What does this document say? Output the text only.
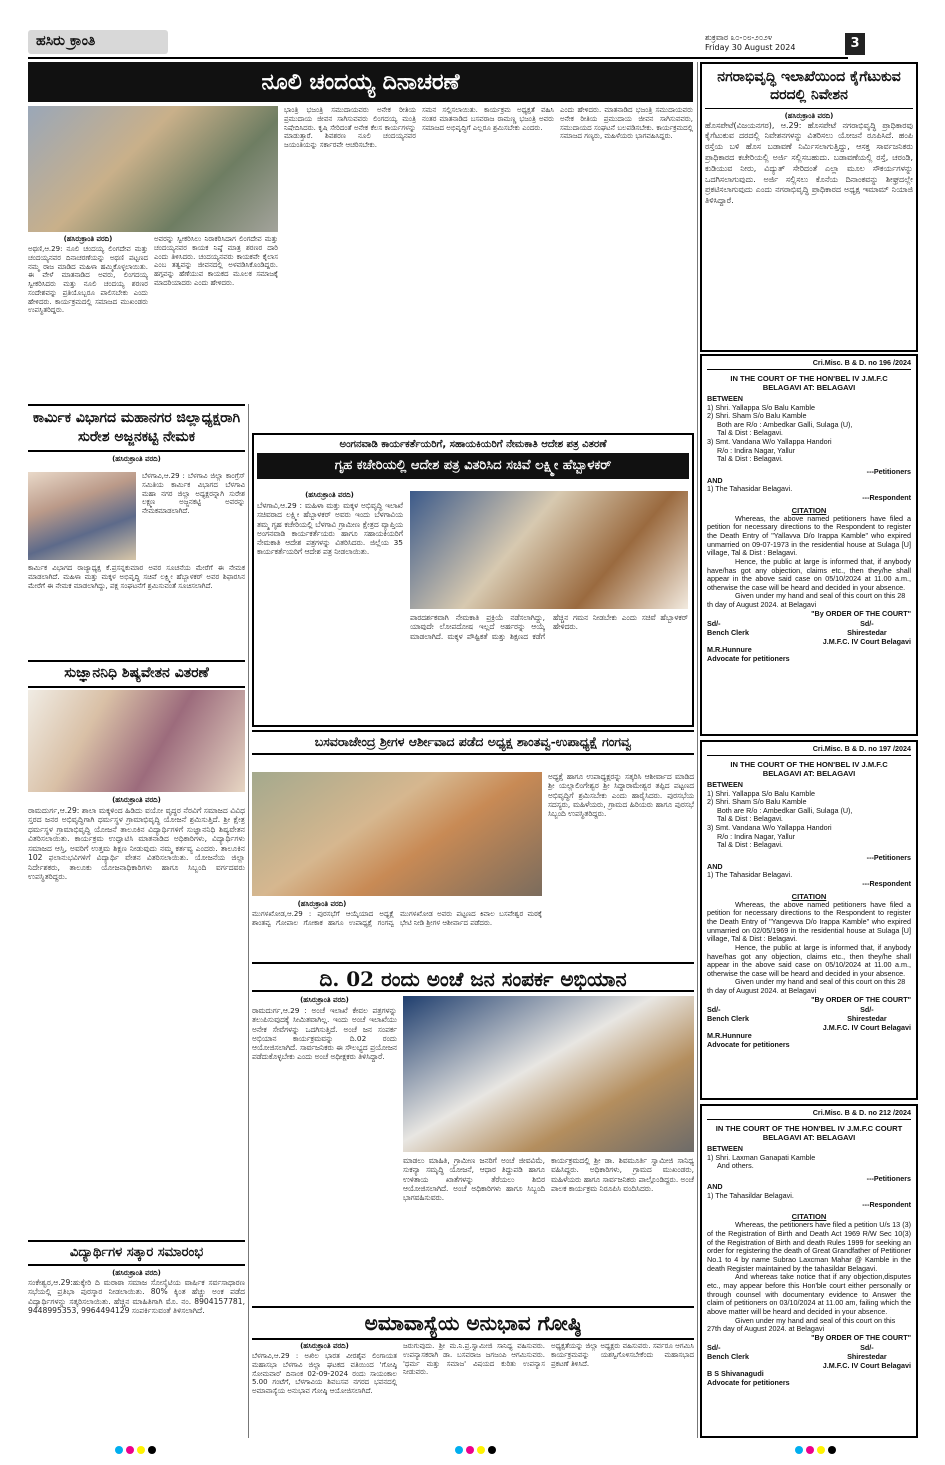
ಹಸಿರು ಕ್ರಾಂತಿ	ಶುಕ್ರವಾರ ೩೦-೦೮-೨೦೨೪
Friday 30 August 2024	3
ನೂಲಿ ಚಂದಯ್ಯ ದಿನಾಚರಣೆ
ಭಾಂತ್ರಿ ಭಜಂತ್ರಿ ಸಮುದಾಯವರು ಅನೇಕ ರೀತಿಯ ಪ್ರಮುದಾಯ ಜೀವನ ಸಾಗಿಸುವವರು ಲಿಂಗದಯ್ಯ ಮಂತ್ರಿ ನಿಷೇದಿಸಿದರು. ಕೃಷಿ ಸೇರಿದಂತೆ ಅನೇಕ ಕೆಲಸ ಕಾರ್ಯಗಳನ್ನು ಮಾಡುತ್ತಾರೆ. ಶಿವಶರಣ ನೂಲಿ ಚಂದಯ್ಯನವರ ಜಯಂತಿಯನ್ನು ಸರ್ಕಾರವೇ ಆಚರಿಸಬೇಕು.
ಸಮನ ಸಲ್ಲಿಸಲಾಯಿತು. ಕಾರ್ಯಕ್ರಮ ಅಧ್ಯಕ್ಷತೆ ವಹಿಸಿ ನಂತರ ಮಾತನಾಡಿದ ಬಸವರಾಜ ರಾಮಣ್ಣ ಭಜಂತ್ರಿ ಅವರು ಸಮಾಜದ ಅಭಿವೃದ್ಧಿಗೆ ಎಲ್ಲರೂ ಶ್ರಮಿಸಬೇಕು ಎಂದರು.
ಎಂದು ಹೇಳಿದರು. ಮಾತನಾಡಿದ ಭಜಂತ್ರಿ ಸಮುದಾಯವರು ಅನೇಕ ರೀತಿಯ ಪ್ರಮುದಾಯ ಜೀವನ ಸಾಗಿಸುವವರು, ಸಮುದಾಯದ ಸಂಘಟನೆ ಬಲಪಡಿಸಬೇಕು. ಕಾರ್ಯಕ್ರಮದಲ್ಲಿ ಸಮಾಜದ ಗಣ್ಯರು, ಮಹಿಳೆಯರು ಭಾಗವಹಿಸಿದ್ದರು.
(ಹಸಿರುಕ್ರಾಂತಿ ವರದಿ)
ಅಥಣಿ,ಆ.29: ನೂಲಿ ಚಂದಯ್ಯ ಲಿಂಗದೇವ ಮತ್ತು ಚಂದಯ್ಯನವರ ದಿನಾಚರಣೆಯನ್ನು ಅಥಣಿ ಪಟ್ಟಣದ ನಮ್ಮ ರಾಜ ಮಾಡಿದ ಮಹಿಳಾ ಹಮ್ಮಿಕೊಳ್ಳಲಾಯಿತು. ಈ ವೇಳೆ ಮಾತನಾಡಿದ ಅವರು, ಲಿಂಗದಯ್ಯ ಸ್ವೀಕರಿಸಿದರು ಮತ್ತು ನೂಲಿ ಚಂದಯ್ಯ ಶರಣರ ಸಂದೇಶವನ್ನು ಪ್ರತಿಯೊಬ್ಬರೂ ಪಾಲಿಸಬೇಕು ಎಂದು ಹೇಳಿದರು. ಕಾರ್ಯಕ್ರಮದಲ್ಲಿ ಸಮಾಜದ ಮುಖಂಡರು ಉಪಸ್ಥಿತರಿದ್ದರು.
ಅವರನ್ನು ಸ್ವೀಕರಿಸಿಲು ನಿರಾಕರಿಸಿದಾಗ ಲಿಂಗದೇವ ಮತ್ತು ಚಂದಯ್ಯನವರ ಕಾಯಕ ನಿಷ್ಠೆ ಮಾತ್ರ ಶರಣರ ದಾರಿ ಎಂದು ತಿಳಿಸಿದರು. ಚಂದಯ್ಯನವರು ಕಾಯಕವೇ ಕೈಲಾಸ ಎಂಬ ತತ್ವವನ್ನು ಜೀವನದಲ್ಲಿ ಅಳವಡಿಸಿಕೊಂಡಿದ್ದರು. ಹಗ್ಗವನ್ನು ಹೆಣೆಯುವ ಕಾಯಕದ ಮೂಲಕ ಸಮಾಜಕ್ಕೆ ಮಾದರಿಯಾದರು ಎಂದು ಹೇಳಿದರು.
ನಗರಾಭಿವೃದ್ಧಿ ಇಲಾಖೆಯಿಂದ ಕೈಗೆಟುಕುವ ದರದಲ್ಲಿ ನಿವೇಶನ
(ಹಸಿರುಕ್ರಾಂತಿ ವರದಿ)
ಹೊಸಪೇಟೆ(ವಿಜಯನಗರ), ಆ.29: ಹೊಸಪೇಟೆ ನಗರಾಭಿವೃದ್ಧಿ ಪ್ರಾಧಿಕಾರವು ಕೈಗೆಟುಕುವ ದರದಲ್ಲಿ ನಿವೇಶನಗಳನ್ನು ವಿತರಿಸಲು ಯೋಜನೆ ರೂಪಿಸಿದೆ. ಹಂಪಿ ರಸ್ತೆಯ ಬಳಿ ಹೊಸ ಬಡಾವಣೆ ನಿರ್ಮಿಸಲಾಗುತ್ತಿದ್ದು, ಆಸಕ್ತ ಸಾರ್ವಜನಿಕರು ಪ್ರಾಧಿಕಾರದ ಕಚೇರಿಯಲ್ಲಿ ಅರ್ಜಿ ಸಲ್ಲಿಸಬಹುದು. ಬಡಾವಣೆಯಲ್ಲಿ ರಸ್ತೆ, ಚರಂಡಿ, ಕುಡಿಯುವ ನೀರು, ವಿದ್ಯುತ್ ಸೇರಿದಂತೆ ಎಲ್ಲಾ ಮೂಲ ಸೌಕರ್ಯಗಳನ್ನು ಒದಗಿಸಲಾಗುವುದು. ಅರ್ಜಿ ಸಲ್ಲಿಸಲು ಕೊನೆಯ ದಿನಾಂಕವನ್ನು ಶೀಘ್ರದಲ್ಲೇ ಪ್ರಕಟಿಸಲಾಗುವುದು ಎಂದು ನಗರಾಭಿವೃದ್ಧಿ ಪ್ರಾಧಿಕಾರದ ಅಧ್ಯಕ್ಷ ಇಮಾಮ್ ನಿಯಾಜಿ ತಿಳಿಸಿದ್ದಾರೆ.
Cri.Misc. B & D. no 196 /2024
IN THE COURT OF THE HON'BEL IV J.M.F.C
BELAGAVI AT: BELAGAVI
BETWEEN
1) Shri. Yallappa S/o Balu Kamble
2) Shri. Sham S/o Balu Kamble
Both are R/o : Ambedkar Galli, Sulaga (U),
Tal & Dist : Belagavi.
3) Smt. Vandana W/o Yallappa Handori
R/o : Indira Nagar, Yallur
Tal & Dist : Belagavi.
---Petitioners
AND
1) The Tahasidar Belagavi.
---Respondent
CITATION
Whereas, the above named petitioners have filed a petition for necessary directions to the Respondent to register the Death Entry of "Yallavva D/o Irappa Kamble" who expired unmarried on 09-07-1973 in the residential house at Sulaga [U] village, Tal & Dist : Belagavi.
Hence, the public at large is informed that, if anybody have/has got any objection, claims etc., then they/he shall appear in the above said case on 05/10/2024 at 11.00 a.m., otherwise the case will be heard and decided in your absence.
Given under my hand and seal of this court on this 28 th day of August 2024. at Belagavi
"By ORDER OF THE COURT"
Sd/-
Bench Clerk
Sd/-
Shirestedar
J.M.F.C. IV Court Belagavi
M.R.Hunnure
Advocate for petitioners
Cri.Misc. B & D. no 197 /2024
IN THE COURT OF THE HON'BEL IV J.M.F.C
BELAGAVI AT: BELAGAVI
BETWEEN
1) Shri. Yallappa S/o Balu Kamble
2) Shri. Sham S/o Balu Kamble
Both are R/o : Ambedkar Galli, Sulaga (U),
Tal & Dist : Belagavi.
3) Smt. Vandana W/o Yallappa Handori
R/o : Indira Nagar, Yallur
Tal & Dist : Belagavi.
---Petitioners
AND
1) The Tahasidar Belagavi.
---Respondent
CITATION
Whereas, the above named petitioners have filed a petition for necessary directions to the Respondent to register the Death Entry of "Yangevva D/o Irappa Kamble" who expired unmarried on 02/05/1969 in the residential house at Sulaga [U] village, Tal & Dist : Belagavi.
Hence, the public at large is informed that, if anybody have/has got any objection, claims etc., then they/he shall appear in the above said case on 05/10/2024 at 11.00 a.m., otherwise the case will be heard and decided in your absence.
Given under my hand and seal of this court on this 28 th day of August 2024. at Belagavi
"By ORDER OF THE COURT"
Sd/-
Bench Clerk
Sd/-
Shirestedar
J.M.F.C. IV Court Belagavi
M.R.Hunnure
Advocate for petitioners
Cri.Misc. B & D. no 212 /2024
IN THE COURT OF THE HON'BEL IV J.M.F.C COURT
BELAGAVI AT: BELAGAVI
BETWEEN
1) Shri. Laxman Ganapati Kamble
And others.
---Petitioners
AND
1) The Tahasildar Belagavi.
---Respondent
CITATION
Whereas, the petitioners have filed a petition U/s 13 (3) of the Registration of Birth and Death Act 1969 R/W Sec 10(3) of the Registration of Birth and death Rules 1999 for seeking an order for registering the death of Great Grandfather of Petitioner No.1 to 4 by name Subrao Laxcman Mahar @ Kamble in the death Register maintained by the tahasildar Belagavi.
And whereas take notice that if any objection,disputes etc., may appear before this Hon'ble court either personally or through counsel with documentary evidence to Answer the claim of petitioners on 03/10/2024 at 11.00 am, failing which the above matter will be heard and decided in your absence.
Given under my hand and seal of this court on this 27th day of August 2024. at Belagavi
"By ORDER OF THE COURT"
Sd/-
Bench Clerk
Sd/-
Shirestedar
J.M.F.C. IV Court Belagavi
B S Shivanagudi
Advocate for petitioners
ಕಾರ್ಮಿಕ ವಿಭಾಗದ ಮಹಾನಗರ ಜಿಲ್ಲಾಧ್ಯಕ್ಷರಾಗಿ ಸುರೇಶ ಅಜ್ಜನಕಟ್ಟಿ ನೇಮಕ
(ಹಸಿರುಕ್ರಾಂತಿ ವರದಿ)
ಬೆಳಗಾವಿ,ಆ.29 : ಬೆಳಗಾವಿ ಜಿಲ್ಲಾ ಕಾಂಗ್ರೆಸ್ ಸಮಿತಿಯ ಕಾರ್ಮಿಕ ವಿಭಾಗದ ಬೆಳಗಾವಿ ಮಹಾ ನಗರ ಜಿಲ್ಲಾ ಅಧ್ಯಕ್ಷರನ್ನಾಗಿ ಸುರೇಶ ಲಕ್ಷ್ಮಣ ಅಜ್ಜನಕಟ್ಟಿ ಅವರನ್ನು ನೇಮಕಮಾಡಲಾಗಿದೆ.
ಕಾರ್ಮಿಕ ವಿಭಾಗದ ರಾಜ್ಯಾಧ್ಯಕ್ಷ ಕೆ.ಪ್ರಸನ್ನಕುಮಾರ ಅವರ ಸೂಚನೆಯ ಮೇರೆಗೆ ಈ ನೇಮಕ ಮಾಡಲಾಗಿದೆ. ಮಹಿಳಾ ಮತ್ತು ಮಕ್ಕಳ ಅಭಿವೃದ್ಧಿ ಸಚಿವೆ ಲಕ್ಷ್ಮೀ ಹೆಬ್ಬಾಳಕರ್ ಅವರ ಶಿಫಾರಸಿನ ಮೇರೆಗೆ ಈ ನೇಮಕ ಮಾಡಲಾಗಿದ್ದು, ಪಕ್ಷ ಸಂಘಟನೆಗೆ ಶ್ರಮಿಸುವಂತೆ ಸೂಚಿಸಲಾಗಿದೆ.
ಸುಜ್ಞಾನನಿಧಿ ಶಿಷ್ಯವೇತನ ವಿತರಣೆ
(ಹಸಿರುಕ್ರಾಂತಿ ವರದಿ)
ರಾಮದುರ್ಗ,ಆ.29: ಶಾಲಾ ಮಕ್ಕಳಿಂದ ಹಿಡಿದು ವಯೋ ವೃದ್ಧರ ನೆರವಿಗೆ ಸಮಾಜದ ವಿವಿಧ ಸ್ತರದ ಜನರ ಅಭಿವೃದ್ಧಿಗಾಗಿ ಧರ್ಮಸ್ಥಳ ಗ್ರಾಮಾಭಿವೃದ್ಧಿ ಯೋಜನೆ ಶ್ರಮಿಸುತ್ತಿದೆ. ಶ್ರೀ ಕ್ಷೇತ್ರ ಧರ್ಮಸ್ಥಳ ಗ್ರಾಮಾಭಿವೃದ್ಧಿ ಯೋಜನೆ ತಾಲೂಕಿನ ವಿದ್ಯಾರ್ಥಿಗಳಿಗೆ ಸುಜ್ಞಾನನಿಧಿ ಶಿಷ್ಯವೇತನ ವಿತರಿಸಲಾಯಿತು. ಕಾರ್ಯಕ್ರಮ ಉದ್ಘಾಟಿಸಿ ಮಾತನಾಡಿದ ಅಧಿಕಾರಿಗಳು, ವಿದ್ಯಾರ್ಥಿಗಳು ಸಮಾಜದ ಆಸ್ತಿ, ಅವರಿಗೆ ಉತ್ತಮ ಶಿಕ್ಷಣ ನೀಡುವುದು ನಮ್ಮ ಕರ್ತವ್ಯ ಎಂದರು. ತಾಲೂಕಿನ 102 ಫಲಾನುಭವಿಗಳಿಗೆ ವಿದ್ಯಾರ್ಥಿ ವೇತನ ವಿತರಿಸಲಾಯಿತು. ಯೋಜನೆಯ ಜಿಲ್ಲಾ ನಿರ್ದೇಶಕರು, ತಾಲೂಕು ಯೋಜನಾಧಿಕಾರಿಗಳು ಹಾಗೂ ಸಿಬ್ಬಂದಿ ವರ್ಗದವರು ಉಪಸ್ಥಿತರಿದ್ದರು.
ವಿದ್ಯಾರ್ಥಿಗಳ ಸತ್ಕಾರ ಸಮಾರಂಭ
(ಹಸಿರುಕ್ರಾಂತಿ ವರದಿ)
ಸಂಕೇಶ್ವರ,ಆ.29:ಹುಕ್ಕೇರಿ ದಿ ಮರಾಠಾ ಸಮಾಜ ಸೋಸೈಟಿಯ ವಾರ್ಷಿಕ ಸರ್ವಸಾಧಾರಣ ಸಭೆಯಲ್ಲಿ ಪ್ರತಿಭಾ ಪುರಸ್ಕಾರ ನೀಡಲಾಯಿತು. 80% ಕ್ಕಿಂತ ಹೆಚ್ಚು ಅಂಕ ಪಡೆದ ವಿದ್ಯಾರ್ಥಿಗಳನ್ನು ಸತ್ಕರಿಸಲಾಯಿತು. ಹೆಚ್ಚಿನ ಮಾಹಿತಿಗಾಗಿ ಮೊ. ನಂ. 8904157781, 9448995353, 9964494129 ಸಂಪರ್ಕಿಸುವಂತೆ ತಿಳಿಸಲಾಗಿದೆ.
ಅಂಗನವಾಡಿ ಕಾರ್ಯಕರ್ತೆಯರಿಗೆ, ಸಹಾಯಕಿಯರಿಗೆ ನೇಮಕಾತಿ ಆದೇಶ ಪತ್ರ ವಿತರಣೆ
ಗೃಹ ಕಚೇರಿಯಲ್ಲಿ ಆದೇಶ ಪತ್ರ ವಿತರಿಸಿದ ಸಚಿವೆ ಲಕ್ಷ್ಮೀ ಹೆಬ್ಬಾಳಕರ್
(ಹಸಿರುಕ್ರಾಂತಿ ವರದಿ)
ಬೆಳಗಾವಿ,ಆ.29 : ಮಹಿಳಾ ಮತ್ತು ಮಕ್ಕಳ ಅಭಿವೃದ್ಧಿ ಇಲಾಖೆ ಸಚಿವರಾದ ಲಕ್ಷ್ಮೀ ಹೆಬ್ಬಾಳಕರ್ ಅವರು ಇಂದು ಬೆಳಗಾವಿಯ ತಮ್ಮ ಗೃಹ ಕಚೇರಿಯಲ್ಲಿ ಬೆಳಗಾವಿ ಗ್ರಾಮೀಣ ಕ್ಷೇತ್ರದ ವ್ಯಾಪ್ತಿಯ ಅಂಗನವಾಡಿ ಕಾರ್ಯಕರ್ತೆಯರು ಹಾಗೂ ಸಹಾಯಕಿಯರಿಗೆ ನೇಮಕಾತಿ ಆದೇಶ ಪತ್ರಗಳನ್ನು ವಿತರಿಸಿದರು. ಜಿಲ್ಲೆಯ 35 ಕಾರ್ಯಕರ್ತೆಯರಿಗೆ ಆದೇಶ ಪತ್ರ ನೀಡಲಾಯಿತು.
ಪಾರದರ್ಶಕವಾಗಿ ನೇಮಕಾತಿ ಪ್ರಕ್ರಿಯೆ ನಡೆಸಲಾಗಿದ್ದು, ಯಾವುದೇ ಲೋಪದೋಷ ಇಲ್ಲದೆ ಅರ್ಹರನ್ನು ಆಯ್ಕೆ ಮಾಡಲಾಗಿದೆ. ಮಕ್ಕಳ ಪೌಷ್ಟಿಕತೆ ಮತ್ತು ಶಿಕ್ಷಣದ ಕಡೆಗೆ ಹೆಚ್ಚಿನ ಗಮನ ನೀಡಬೇಕು ಎಂದು ಸಚಿವೆ ಹೆಬ್ಬಾಳಕರ್ ಹೇಳಿದರು.
ಬಸವರಾಜೇಂದ್ರ ಶ್ರೀಗಳ ಆರ್ಶೀವಾದ ಪಡೆದ ಅಧ್ಯಕ್ಷ ಶಾಂತವ್ವ-ಉಪಾಧ್ಯಕ್ಷೆ ಗಂಗವ್ವ
(ಹಸಿರುಕ್ರಾಂತಿ ವರದಿ)
ಮುಗಳಖೋಡ,ಆ.29 : ಪುರಸಭೆಗೆ ಆಯ್ಕೆಯಾದ ಅಧ್ಯಕ್ಷೆ ಶಾಂತವ್ವ ಗೋಪಾಲ ಗೋಕಾಕ ಹಾಗೂ ಉಪಾಧ್ಯಕ್ಷೆ ಗಂಗವ್ವ ಮುಗಳಖೋಡ ಅವರು ಪಟ್ಟಣದ ಕಿವಾಲ ಬಸವೇಶ್ವರ ಮಠಕ್ಕೆ ಭೇಟಿ ನೀಡಿ ಶ್ರೀಗಳ ಆಶೀರ್ವಾದ ಪಡೆದರು.
ಅಧ್ಯಕ್ಷೆ ಹಾಗೂ ಉಪಾಧ್ಯಕ್ಷರನ್ನು ಸತ್ಕರಿಸಿ ಆಶೀರ್ವಾದ ಮಾಡಿದ ಶ್ರೀ ಯಲ್ಲಾಲಿಂಗೇಶ್ವರ ಶ್ರೀ ಸಿದ್ದಾರಾಮೇಶ್ವರ ತಪ್ಪಿದ ಪಟ್ಟಣದ ಅಭಿವೃದ್ಧಿಗೆ ಶ್ರಮಿಸಬೇಕು ಎಂದು ಹಾರೈಸಿದರು. ಪುರಸಭೆಯ ಸದಸ್ಯರು, ಮಹಿಳೆಯರು, ಗ್ರಾಮದ ಹಿರಿಯರು ಹಾಗೂ ಪುರಸಭೆ ಸಿಬ್ಬಂದಿ ಉಪಸ್ಥಿತರಿದ್ದರು.
ದಿ. 02 ರಂದು ಅಂಚೆ ಜನ ಸಂಪರ್ಕ ಅಭಿಯಾನ
(ಹಸಿರುಕ್ರಾಂತಿ ವರದಿ)
ರಾಮದುರ್ಗ,ಆ.29 : ಅಂಚೆ ಇಲಾಖೆ ಕೇವಲ ಪತ್ರಗಳನ್ನು ತಲುಪಿಸುವುದಕ್ಕೆ ಸೀಮಿತವಾಗಿಲ್ಲ. ಇಂದು ಅಂಚೆ ಇಲಾಖೆಯು ಅನೇಕ ಸೇವೆಗಳನ್ನು ಒದಗಿಸುತ್ತಿದೆ. ಅಂಚೆ ಜನ ಸಂಪರ್ಕ ಅಭಿಯಾನ ಕಾರ್ಯಕ್ರಮವನ್ನು ದಿ.02 ರಂದು ಆಯೋಜಿಸಲಾಗಿದೆ. ಸಾರ್ವಜನಿಕರು ಈ ಸೌಲಭ್ಯದ ಪ್ರಯೋಜನ ಪಡೆದುಕೊಳ್ಳಬೇಕು ಎಂದು ಅಂಚೆ ಅಧೀಕ್ಷಕರು ತಿಳಿಸಿದ್ದಾರೆ.
ಮಾಡಲು ಮಾಹಿತಿ, ಗ್ರಾಮೀಣ ಜನರಿಗೆ ಅಂಚೆ ಜೀವವಿಮೆ, ಸುಕನ್ಯಾ ಸಮೃದ್ಧಿ ಯೋಜನೆ, ಆಧಾರ ತಿದ್ದುಪಡಿ ಹಾಗೂ ಉಳಿತಾಯ ಖಾತೆಗಳನ್ನು ತೆರೆಯಲು ಶಿಬಿರ ಆಯೋಜಿಸಲಾಗಿದೆ. ಅಂಚೆ ಅಧಿಕಾರಿಗಳು ಹಾಗೂ ಸಿಬ್ಬಂದಿ ಭಾಗವಹಿಸುವರು.
ಕಾರ್ಯಕ್ರಮದಲ್ಲಿ ಶ್ರೀ ಡಾ. ಶಿವಮೂರ್ತಿ ಸ್ವಾಮೀಜಿ ಸಾನಿಧ್ಯ ವಹಿಸಿದ್ದರು. ಅಧಿಕಾರಿಗಳು, ಗ್ರಾಮದ ಮುಖಂಡರು, ಮಹಿಳೆಯರು ಹಾಗೂ ಸಾರ್ವಜನಿಕರು ಪಾಲ್ಗೊಂಡಿದ್ದರು. ಅಂಚೆ ಪಾಲಕ ಕಾರ್ಯಕ್ರಮ ನಿರೂಪಿಸಿ ವಂದಿಸಿದರು.
ಅಮಾವಾಸ್ಯೆಯ ಅನುಭಾವ ಗೋಷ್ಠಿ
(ಹಸಿರುಕ್ರಾಂತಿ ವರದಿ)
ಬೆಳಗಾವಿ,ಆ.29 : ಅಖಿಲ ಭಾರತ ವೀರಶೈವ ಲಿಂಗಾಯತ ಮಹಾಸಭಾ ಬೆಳಗಾವಿ ಜಿಲ್ಲಾ ಘಟಕದ ವತಿಯಿಂದ 'ಗೋಷ್ಠಿ ಸೋಮವಾರ' ದಿನಾಂಕ 02-09-2024 ರಂದು ಸಾಯಂಕಾಲ 5.00 ಗಂಟೆಗೆ, ಬೆಳಗಾವಿಯ ಶಿವಬಸವ ನಗರದ ಭವನದಲ್ಲಿ ಅಮಾವಾಸ್ಯೆಯ ಅನುಭಾವ ಗೋಷ್ಠಿ ಆಯೋಜಿಸಲಾಗಿದೆ.
ಜರುಗುವುದು. ಶ್ರೀ ಮ.ನಿ.ಪ್ರ.ಸ್ವಾಮೀಜಿ ಸಾನಿಧ್ಯ ವಹಿಸುವರು. ಉಪನ್ಯಾಸಕರಾಗಿ ಡಾ. ಬಸವರಾಜ ಜಗಜಂಪಿ ಆಗಮಿಸುವರು. 'ಧರ್ಮ ಮತ್ತು ಸಮಾಜ' ವಿಷಯದ ಕುರಿತು ಉಪನ್ಯಾಸ ನೀಡುವರು.
ಅಧ್ಯಕ್ಷತೆಯನ್ನು ಜಿಲ್ಲಾ ಅಧ್ಯಕ್ಷರು ವಹಿಸುವರು. ಸರ್ವರೂ ಆಗಮಿಸಿ ಕಾರ್ಯಕ್ರಮವನ್ನು ಯಶಸ್ವಿಗೊಳಿಸಬೇಕೆಂದು ಮಹಾಸಭಾದ ಪ್ರಕಟಣೆ ತಿಳಿಸಿದೆ.
